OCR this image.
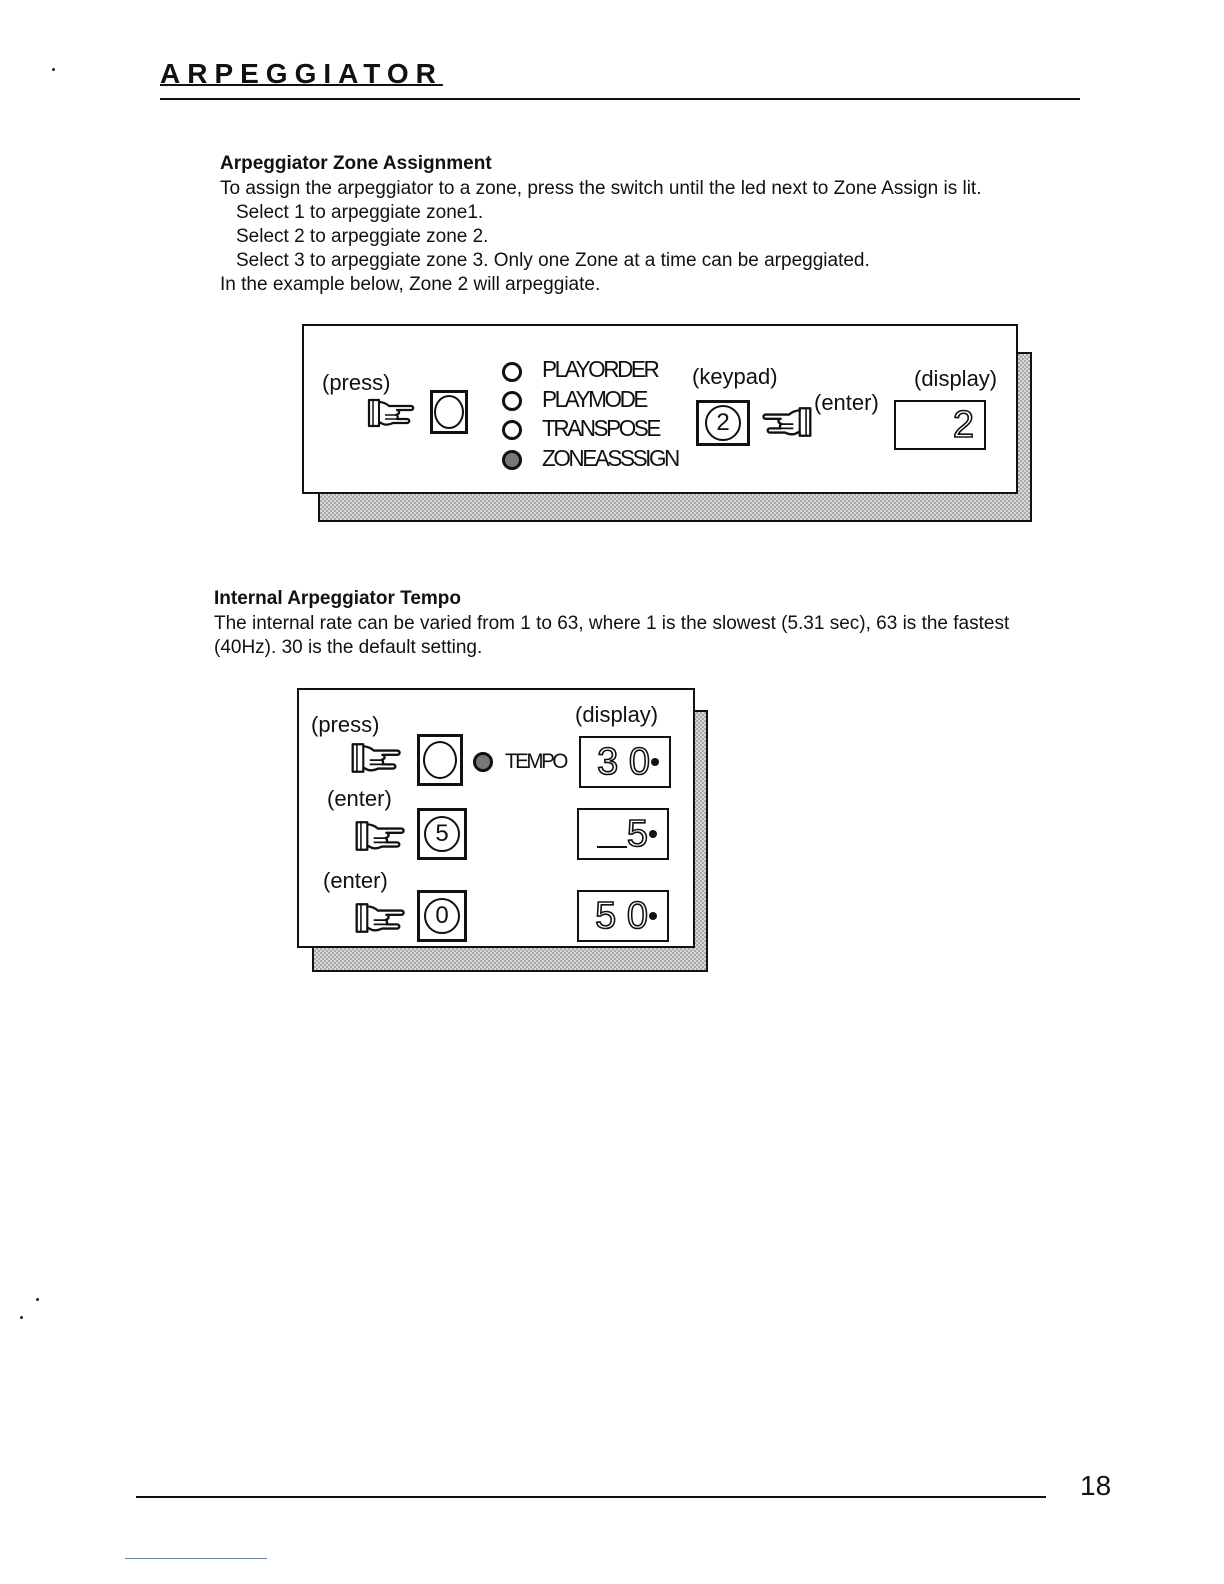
ARPEGGIATOR
Arpeggiator Zone Assignment
To assign the arpeggiator to a zone, press the switch until the led next to Zone Assign is lit.
Select 1 to arpeggiate zone1.
Select 2 to arpeggiate zone 2.
Select 3 to arpeggiate zone 3. Only one Zone at a time can be arpeggiated.
In the example below, Zone 2 will arpeggiate.
(press)
PLAYORDER
PLAYMODE
TRANSPOSE
ZONEASSSIGN
(keypad)
2
(enter)
(display)
2
Internal Arpeggiator Tempo
The internal rate can be varied from 1 to 63, where 1 is the slowest (5.31 sec), 63 is the fastest
(40Hz). 30 is the default setting.
(press)	(display)
TEMPO 3 0
(enter)
5	5
(enter)
0	5 0
18
